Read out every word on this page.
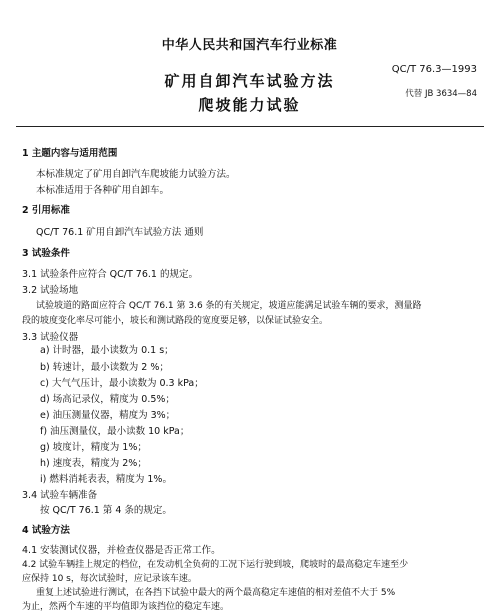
中华人民共和国汽车行业标准
矿用自卸汽车试验方法
爬坡能力试验
QC/T 76.3—1993
代替 JB 3634—84
1 主题内容与适用范围
本标准规定了矿用自卸汽车爬坡能力试验方法。
本标准适用于各种矿用自卸车。
2 引用标准
QC/T 76.1 矿用自卸汽车试验方法 通则
3 试验条件
3.1 试验条件应符合 QC/T 76.1 的规定。
3.2 试验场地
试验坡道的路面应符合 QC/T 76.1 第 3.6 条的有关规定，坡道应能满足试验车辆的要求，测量路
段的坡度变化率尽可能小，坡长和测试路段的宽度要足够，以保证试验安全。
3.3 试验仪器
a) 计时器，最小读数为 0.1 s；
b) 转速计，最小读数为 2 %；
c) 大气气压计，最小读数为 0.3 kPa；
d) 场高记录仪，精度为 0.5%；
e) 油压测量仪器，精度为 3%；
f) 油压测量仪，最小读数 10 kPa；
g) 坡度计，精度为 1%；
h) 速度表，精度为 2%；
i) 燃料消耗表表，精度为 1%。
3.4 试验车辆准备
按 QC/T 76.1 第 4 条的规定。
4 试验方法
4.1 安装测试仪器，并检查仪器是否正常工作。
4.2 试验车辆挂上规定的档位，在发动机全负荷的工况下运行驶到坡，爬坡时的最高稳定车速至少
应保持 10 s，每次试验时，应记录该车速。
重复上述试验进行测试，在各挡下试验中最大的两个最高稳定车速值的相对差值不大于 5%
为止，然两个车速的平均值即为该挡位的稳定车速。
